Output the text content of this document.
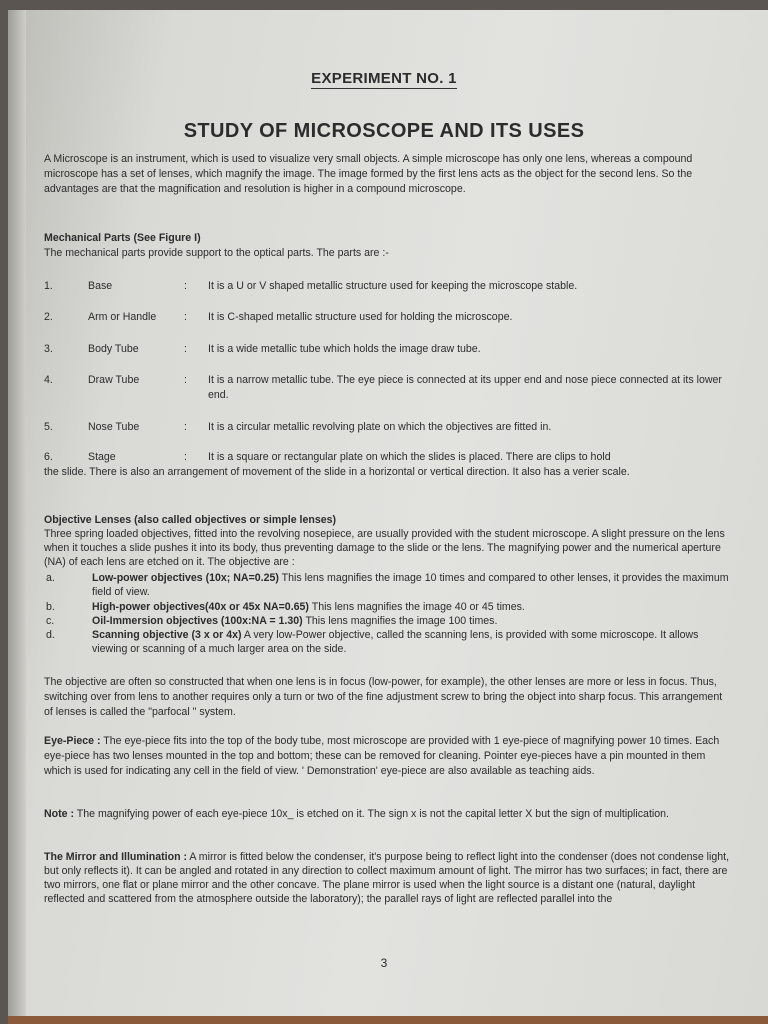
EXPERIMENT NO. 1
STUDY OF MICROSCOPE AND ITS USES
A Microscope is an instrument, which is used to visualize very small objects. A simple microscope has only one lens, whereas a compound microscope has a set of lenses, which magnify the image. The image formed by the first lens acts as the object for the second lens. So the advantages are that the magnification and resolution is higher in a compound microscope.
Mechanical Parts (See Figure I)
The mechanical parts provide support to the optical parts. The parts are :-
1.	Base	: It is a U or V shaped metallic structure used for keeping the microscope stable.
2.	Arm or Handle	: It is C-shaped metallic structure used for holding the microscope.
3.	Body Tube	: It is a wide metallic tube which holds the image draw tube.
4.	Draw Tube	: It is a narrow metallic tube. The eye piece is connected at its upper end and nose piece connected at its lower end.
5.	Nose Tube	: It is a circular metallic revolving plate on which the objectives are fitted in.
6.	Stage	: It is a square or rectangular plate on which the slides is placed. There are clips to hold
the slide. There is also an arrangement of movement of the slide in a horizontal or vertical direction. It also has a verier scale.
Objective Lenses (also called objectives or simple lenses)
Three spring loaded objectives, fitted into the revolving nosepiece, are usually provided with the student microscope. A slight pressure on the lens when it touches a slide pushes it into its body, thus preventing damage to the slide or the lens. The magnifying power and the numerical aperture (NA) of each lens are etched on it. The objective are :
a.	Low-power objectives (10x; NA=0.25) This lens magnifies the image 10 times and compared to other lenses, it provides the maximum field of view.
b.	High-power objectives(40x or 45x NA=0.65) This lens magnifies the image 40 or 45 times.
c.	Oil-Immersion objectives (100x:NA = 1.30) This lens magnifies the image 100 times.
d.	Scanning objective (3 x or 4x) A very low-Power objective, called the scanning lens, is provided with some microscope. It allows viewing or scanning of a much larger area on the side.
The objective are often so constructed that when one lens is in focus (low-power, for example), the other lenses are more or less in focus. Thus, switching over from lens to another requires only a turn or two of the fine adjustment screw to bring the object into sharp focus. This arrangement of lenses is called the "parfocal " system.
Eye-Piece : The eye-piece fits into the top of the body tube, most microscope are provided with 1 eye-piece of magnifying power 10 times. Each eye-piece has two lenses mounted in the top and bottom; these can be removed for cleaning. Pointer eye-pieces have a pin mounted in them which is used for indicating any cell in the field of view. ' Demonstration' eye-piece are also available as teaching aids.
Note : The magnifying power of each eye-piece 10x_ is etched on it. The sign x is not the capital letter X but the sign of multiplication.
The Mirror and Illumination : A mirror is fitted below the condenser, it's purpose being to reflect light into the condenser (does not condense light, but only reflects it). It can be angled and rotated in any direction to collect maximum amount of light. The mirror has two surfaces; in fact, there are two mirrors, one flat or plane mirror and the other concave. The plane mirror is used when the light source is a distant one (natural, daylight reflected and scattered from the atmosphere outside the laboratory); the parallel rays of light are reflected parallel into the
3
